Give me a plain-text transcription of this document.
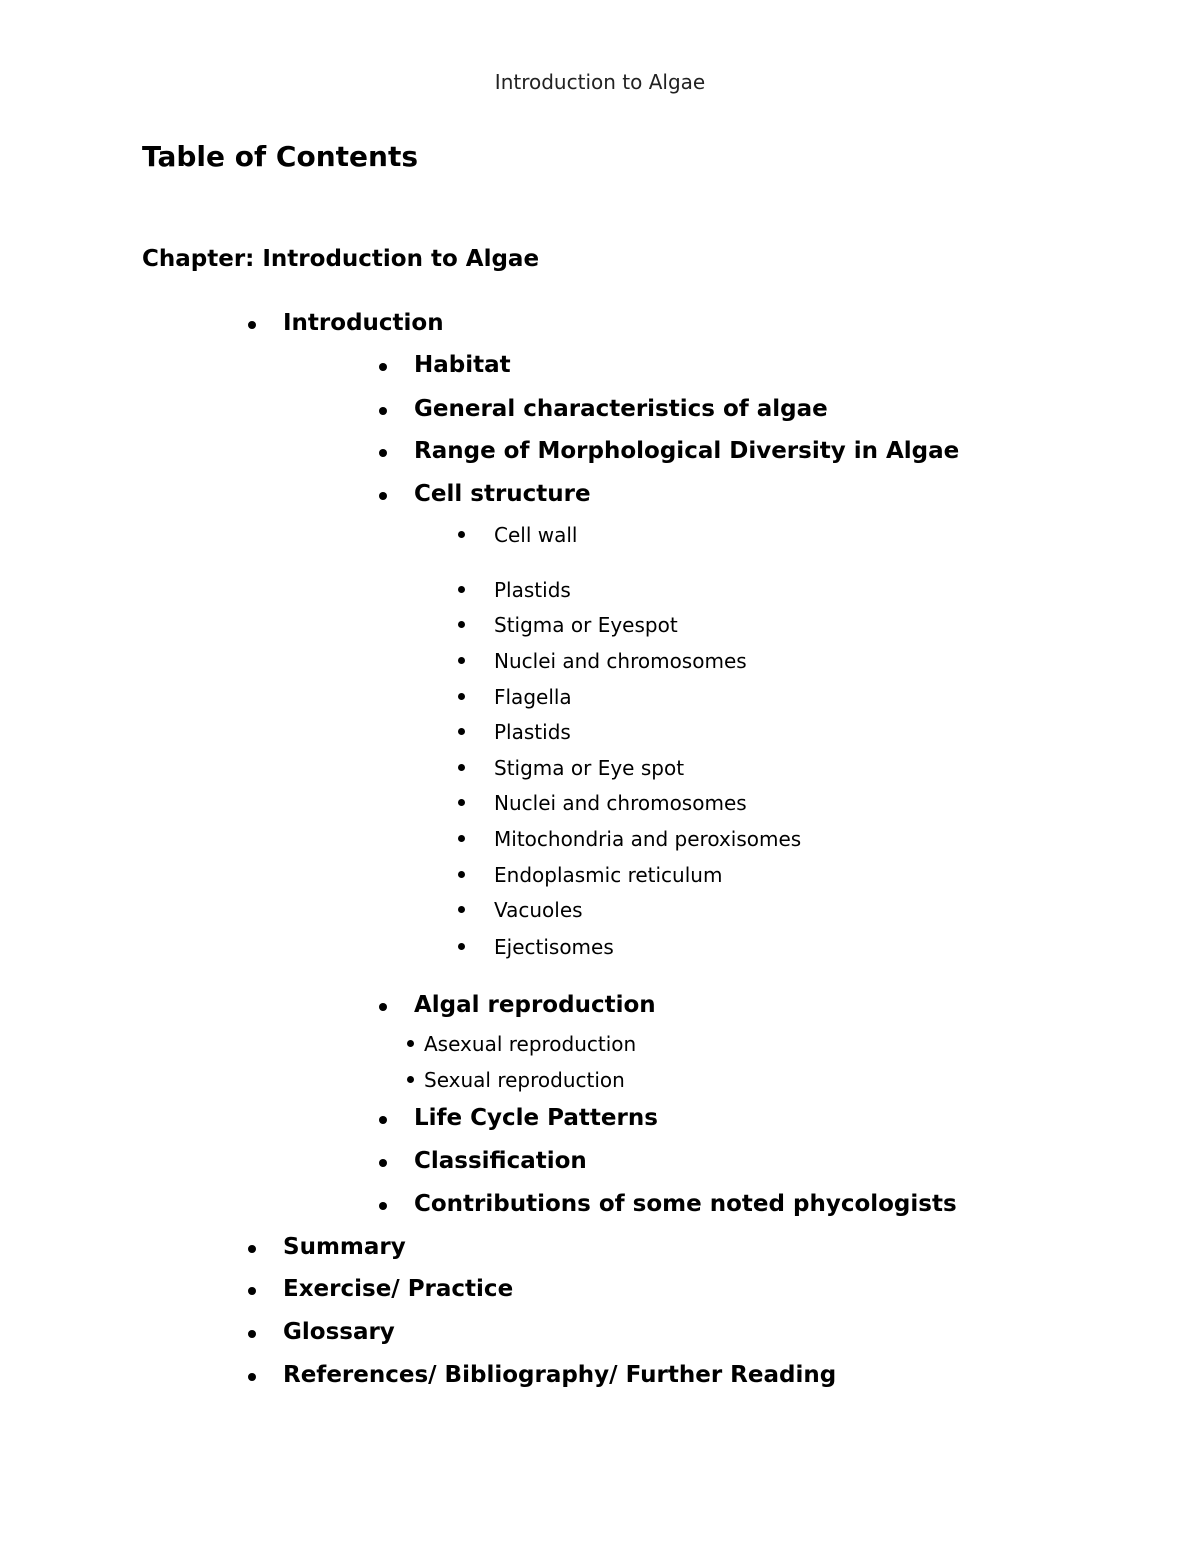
Introduction to Algae
Table of Contents
Chapter: Introduction to Algae
Introduction
Habitat
General characteristics of algae
Range of Morphological Diversity in Algae
Cell structure
Cell wall
Plastids
Stigma or Eyespot
Nuclei and chromosomes
Flagella
Plastids
Stigma or Eye spot
Nuclei and chromosomes
Mitochondria and peroxisomes
Endoplasmic reticulum
Vacuoles
Ejectisomes
Algal reproduction
Asexual reproduction
Sexual reproduction
Life Cycle Patterns
Classification
Contributions of some noted phycologists
Summary
Exercise/ Practice
Glossary
References/ Bibliography/ Further Reading
